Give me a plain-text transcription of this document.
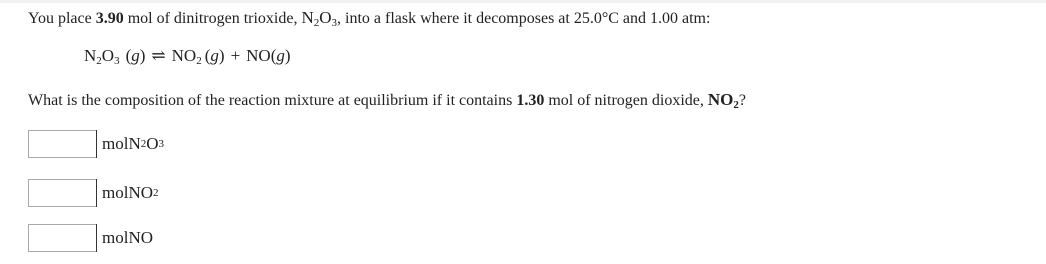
You place 3.90 mol of dinitrogen trioxide, $N_2O_3$, into a flask where it decomposes at 25.0°C and 1.00 atm:
$N_2O_3$ (g) ⇌ $NO_2$ (g) + NO(g)
What is the composition of the reaction mixture at equilibrium if it contains 1.30 mol of nitrogen dioxide, $NO_2$?
mol N 2 O 3
mol NO 2
mol NO
